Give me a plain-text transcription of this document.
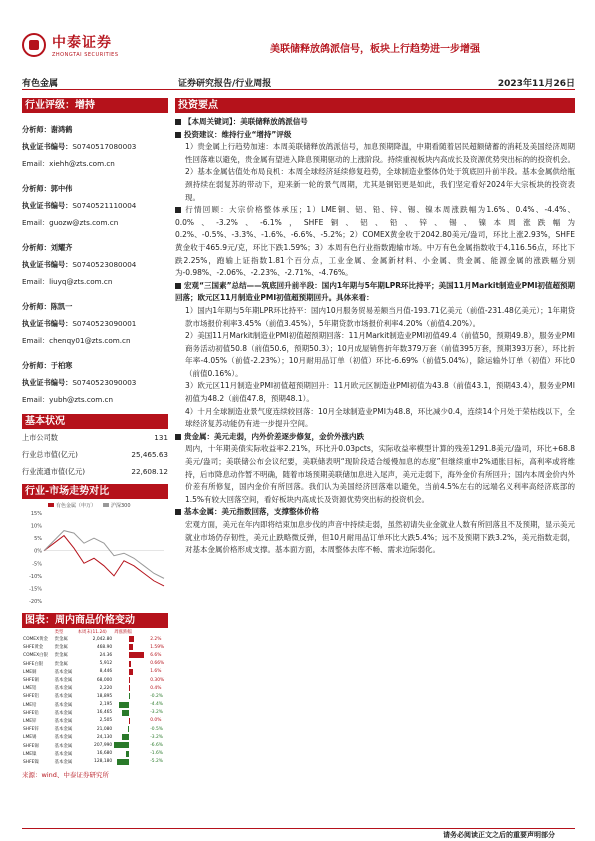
中泰证券
ZHONGTAI SECURITIES	美联储释放鸽派信号，板块上行趋势进一步增强
有色金属	证券研究报告/行业周报	2023年11月26日
行业评级：增持
分析师：谢鸿鹤
执业证书编号：S0740517080003
Email：xiehh@zts.com.cn
分析师：郭中伟
执业证书编号：S0740521110004
Email：guozw@zts.com.cn
分析师：刘耀齐
执业证书编号：S0740523080004
Email：liuyq@zts.com.cn
分析师：陈凯一
执业证书编号：S0740523090001
Email：chenqy01@zts.com.cn
分析师：于柏寒
执业证书编号：S0740523090003
Email：yubh@zts.com.cn
基本状况
上市公司数	131
行业总市值(亿元)	25,465.63
行业流通市值(亿元)	22,608.12
行业-市场走势对比
15%
10%
5%
0%
-5%
-10%
-15%
-20%
有色金属（申万）	沪深300
图表：周内商品价格变动
	类型	本周末(11.24)	周涨跌幅	
COMEX黄金	贵金属	2,042.80		2.2%
SHFE黄金	贵金属	468.90		1.59%
COMEX白银	贵金属	24.36		6.6%
SHFE白银	贵金属	5,912		0.66%
LME铜	基本金属	8,446		1.6%
SHFE铜	基本金属	68,000		0.30%
LME铝	基本金属	2,220		0.4%
SHFE铝	基本金属	18,895		-0.2%
LME铅	基本金属	2,195		-4.4%
SHFE铅	基本金属	16,465		-3.2%
LME锌	基本金属	2,505		0.0%
SHFE锌	基本金属	21,080		-0.5%
LME锡	基本金属	24,130		-3.2%
SHFE锡	基本金属	207,990		-6.6%
LME镍	基本金属	16,680		-1.6%
SHFE镍	基本金属	128,180		-5.2%
来源：wind、中泰证券研究所
投资要点
【本周关键词】：美联储释放鸽派信号
投资建议：维持行业“增持”评级
1）贵金属上行趋势加速：本周美联储释放鸽派信号，加息预期降温，中期看随着居民超额储蓄的消耗及美国经济周期性回落难以避免，贵金属有望进入降息预期驱动的上涨阶段。持续重视板块内高成长及资源优势突出标的的投资机会。
2）基本金属估值处布局良机：本周全球经济延续修复趋势，全球制造业整体仍处于筑底回升前半段。基本金属供给瓶颈持续在弱复苏的带动下，迎来新一轮的景气周期，尤其是铜铝更是如此，我们坚定看好2024年大宗板块的投资表现。
行情回顾：大宗价格整体承压；1）LME铜、铝、铅、锌、锡、镍本周涨跌幅为1.6%、0.4%、-4.4%、0.0%、-3.2%、-6.1%，SHFE铜、铝、铅、锌、锡、镍本周涨跌幅为0.2%、-0.5%、-3.3%、-1.6%、-6.6%、-5.2%；2）COMEX黄金收于2042.80美元/盎司，环比上涨2.93%，SHFE黄金收于465.9元/克，环比下跌1.59%；3）本周有色行业指数跑输市场。中万有色金属指数收于4,116.56点，环比下跌2.25%，跑输上证指数1.81个百分点，工业金属、金属新材料、小金属、贵金属、能源金属的涨跌幅分别为-0.98%、-2.06%、-2.23%、-2.71%、-4.76%。
宏观“三国素”总结——筑底回升前半段：国内1年期与5年期LPR环比持平；美国11月Markit制造业PMI初值超预期回落；欧元区11月制造业PMI初值超预期回升。具体来看：
1）国内1年期与5年期LPR环比持平：国内10月服务贸易差额当月值-193.71亿美元（前值-231.48亿美元）；1年期贷款市场报价利率3.45%（前值3.45%），5年期贷款市场报价利率4.20%（前值4.20%）。
2）美国11月Markit制造业PMI初值超预期回落：11月Markit制造业PMI初值49.4（前值50，预期49.8），服务业PMI商务活动初值50.8（前值50.6，预期50.3）；10月成屋销售折年数379万套（前值395万套，预期393万套），环比折年率-4.05%（前值-2.23%）；10月耐用品订单（初值）环比-6.69%（前值5.04%），除运输外订单（初值）环比0（前值0.16%）。
3）欧元区11月制造业PMI初值超预期回升：11月欧元区制造业PMI初值为43.8（前值43.1，预期43.4），服务业PMI初值为48.2（前值47.8，预期48.1）。
4）十月全球制造业景气度连续较回落：10月全球制造业PMI为48.8，环比减少0.4，连续14个月处于荣枯线以下，全球经济复苏动能仍有进一步提升空间。
贵金属：美元走弱，内外价差逐步修复，金价外涨内跌
周内，十年期美债实际收益率2.21%，环比升0.03pcts，实际收益率模型计算的残差1291.8美元/盎司，环比+68.8美元/盎司；美联储公布会议纪要，美联储表明“现阶段适合缓慢加息的态度”但继续重申2%通胀目标，高利率或将维持，后市降息动作暂不明确，随着市场预期美联储加息进入尾声，美元走弱下，海外金价有所回升；国内本周金价内外价差有所修复，国内金价有所回落。我们认为美国经济回落难以避免，当前4.5%左右的远端名义利率高经济底部的1.5%有较大回落空间，看好板块内高成长及资源优势突出标的投资机会。
基本金属：美元指数回落，支撑整体价格
宏观方面，美元在年内即将结束加息步伐的声音中持续走弱，虽然初请失业金就业人数有所回落且不及预期，显示美元就业市场仍存韧性，美元止跌略微反弹，但10月耐用品订单环比大跌5.4%；远不及预期下跌3.2%，美元指数走弱，对基本金属价格形成支撑。基本面方面，本周整体去库不畅、需求边际弱化。
请务必阅读正文之后的重要声明部分
